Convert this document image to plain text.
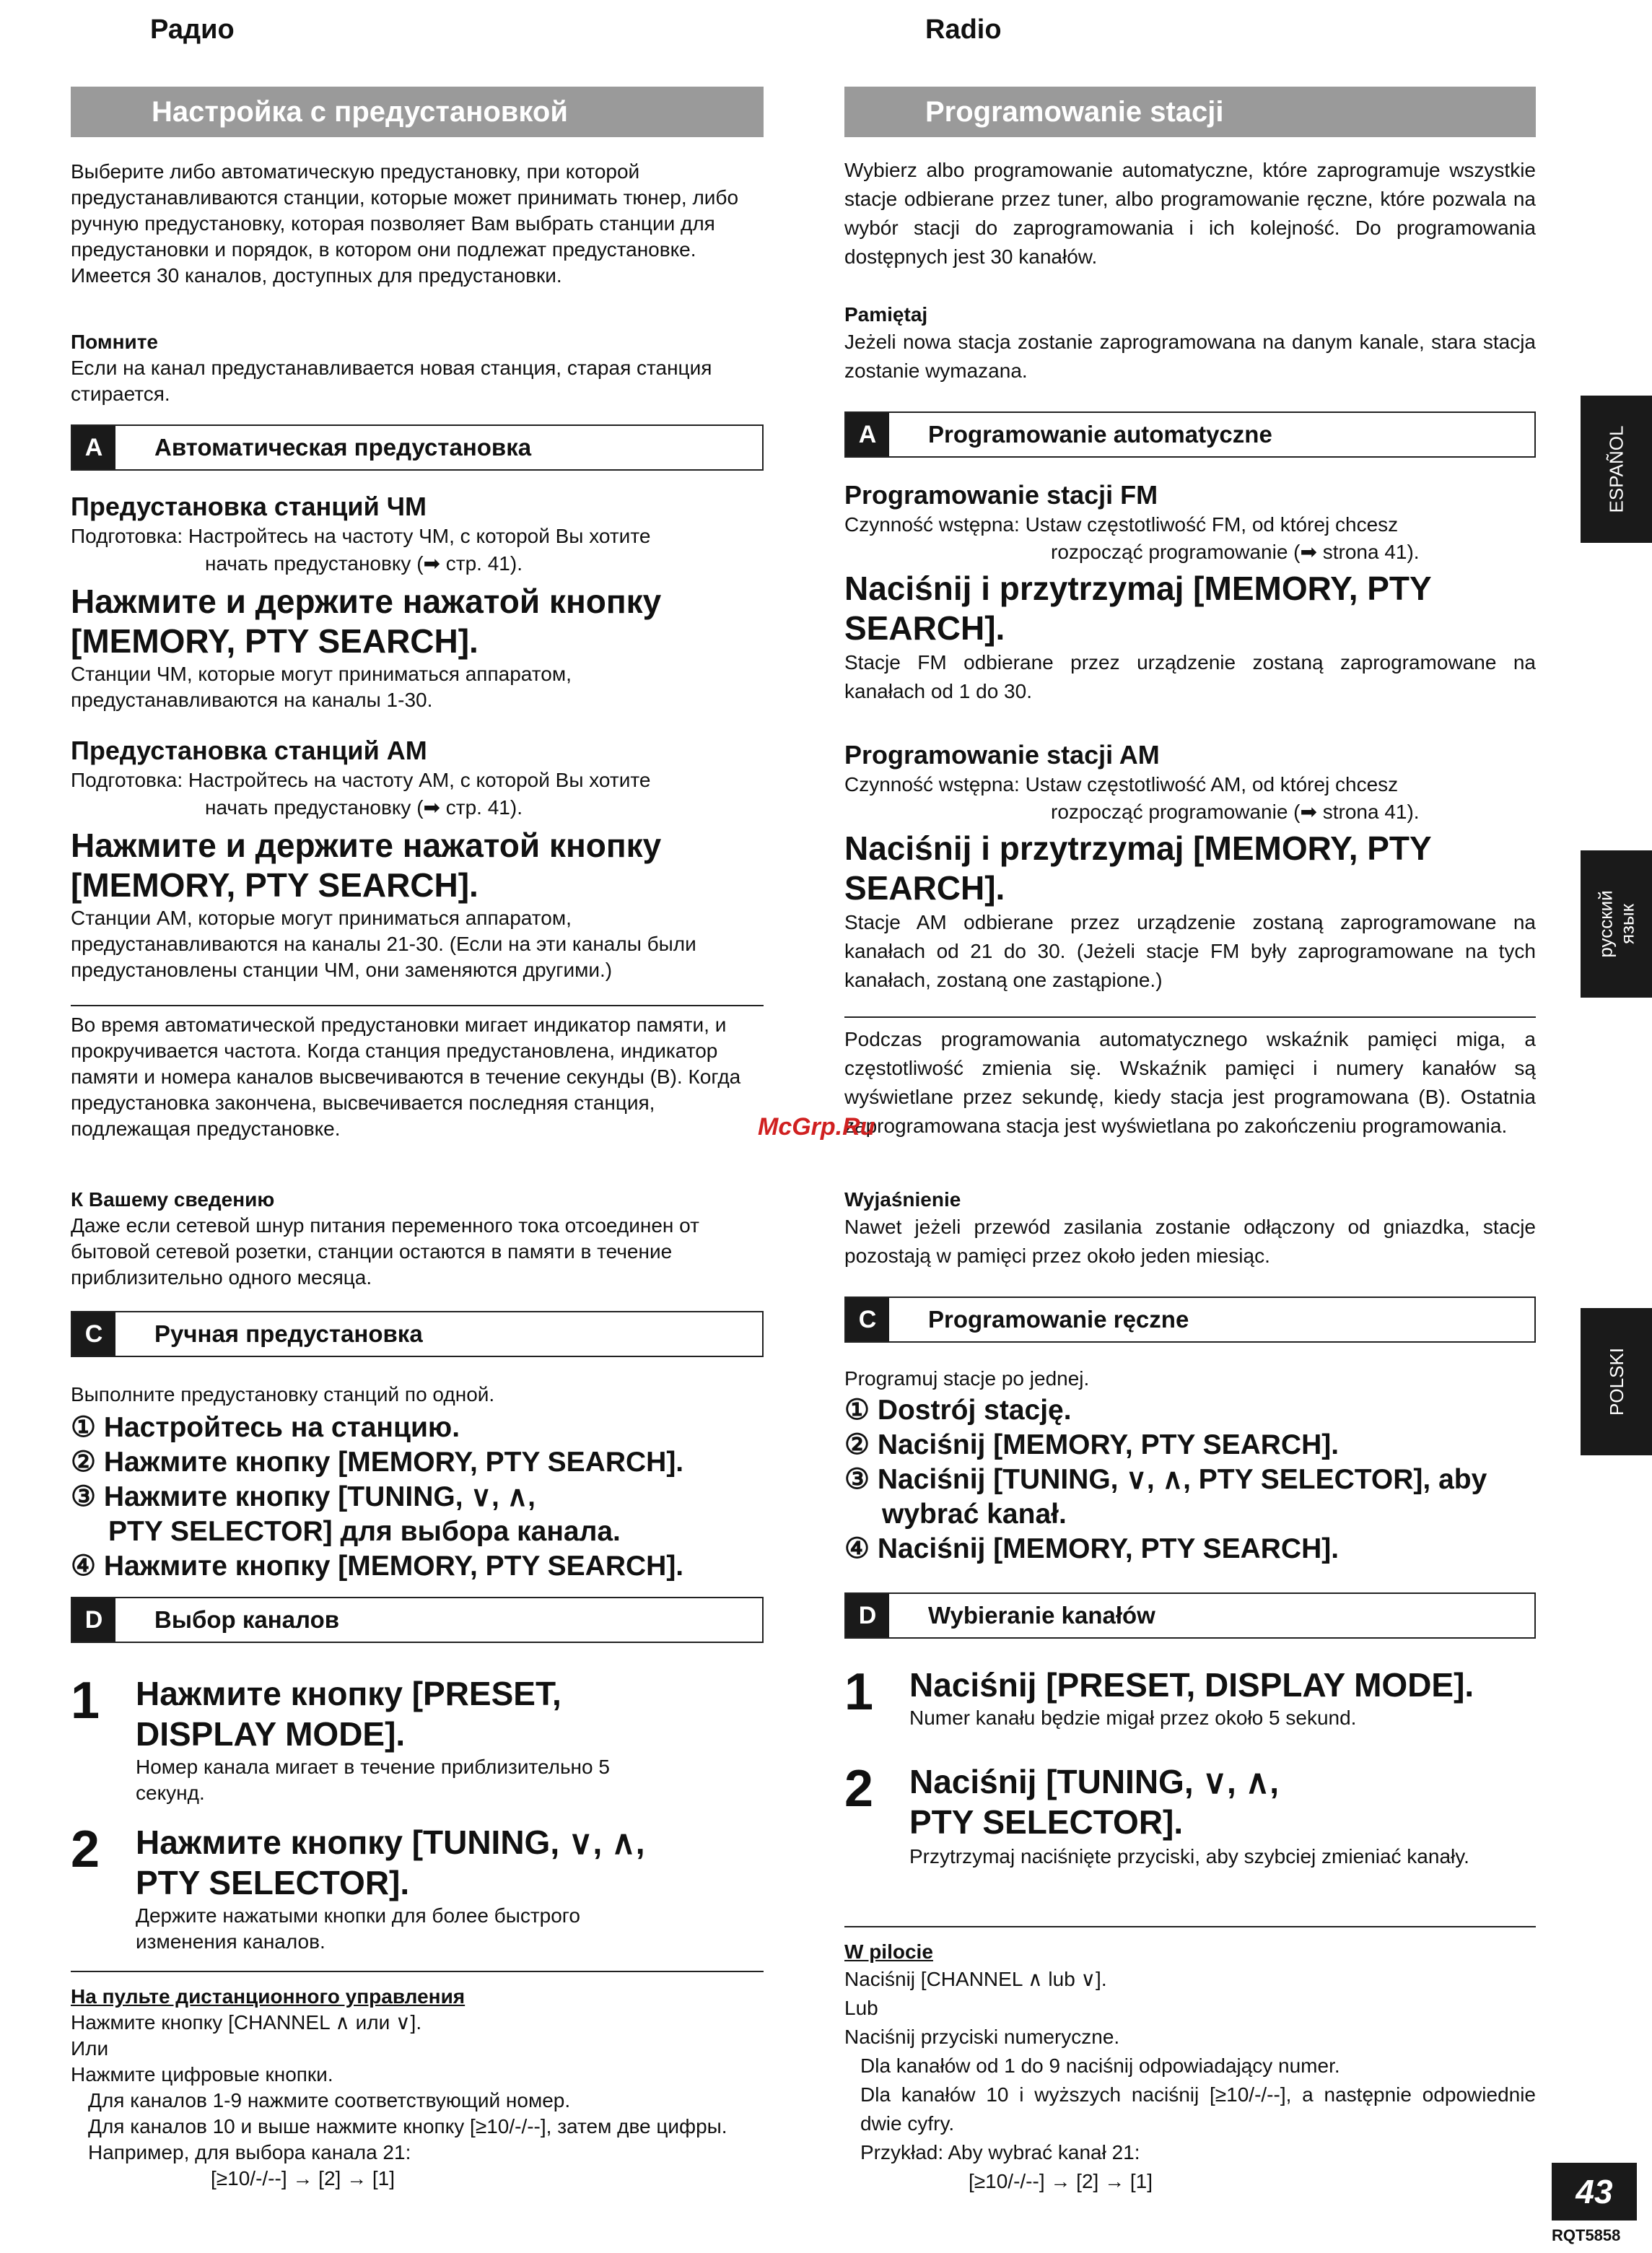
Радио
Настройка с предустановкой

Выберите либо автоматическую предустановку, при которой предустанавливаются станции, которые может принимать тюнер, либо ручную предустановку, которая позволяет Вам выбрать станции для предустановки и порядок, в котором они подлежат предустановке. Имеется 30 каналов, доступных для предустановки.

Помните

Если на канал предустанавливается новая станция, старая станция стирается.

A	Автоматическая предустановка

Предустановка станций ЧМ

Подготовка: Настройтесь на частоту ЧМ, с которой Вы хотите
начать предустановку (➡ стр. 41).

Нажмите и держите нажатой кнопку [MEMORY, PTY SEARCH].

Станции ЧМ, которые могут приниматься аппаратом, предустанавливаются на каналы 1-30.

Предустановка станций АМ

Подготовка: Настройтесь на частоту АМ, с которой Вы хотите
начать предустановку (➡ стр. 41).

Нажмите и держите нажатой кнопку [MEMORY, PTY SEARCH].

Станции АМ, которые могут приниматься аппаратом, предустанавливаются на каналы 21-30. (Если на эти каналы были предустановлены станции ЧМ, они заменяются другими.)

Во время автоматической предустановки мигает индикатор памяти, и прокручивается частота. Когда станция предустановлена, индикатор памяти и номера каналов высвечиваются в течение секунды (B). Когда предустановка закончена, высвечивается последняя станция, подлежащая предустановке.

К Вашему сведению

Даже если сетевой шнур питания переменного тока отсоединен от бытовой сетевой розетки, станции остаются в памяти в течение приблизительно одного месяца.

C	Ручная предустановка

Выполните предустановку станций по одной.

① Настройтесь на станцию.
② Нажмите кнопку [MEMORY, PTY SEARCH].
③ Нажмите кнопку [TUNING, ∨, ∧,
PTY SELECTOR] для выбора канала.
④ Нажмите кнопку [MEMORY, PTY SEARCH].
D	Выбор каналов
1	Нажмите кнопку [PRESET, DISPLAY MODE].

Номер канала мигает в течение приблизительно 5 секунд.

2	Нажмите кнопку [TUNING, ∨, ∧, PTY SELECTOR].

Держите нажатыми кнопки для более быстрого изменения каналов.

На пульте дистанционного управления

Нажмите кнопку [CHANNEL ∧ или ∨].

Или

Нажмите цифровые кнопки.

Для каналов 1-9 нажмите соответствующий номер.

Для каналов 10 и выше нажмите кнопку [≥10/-/--], затем две цифры.

Например, для выбора канала 21:

[≥10/-/--] → [2] → [1]

Radio
Programowanie stacji

Wybierz albo programowanie automatyczne, które zaprogramuje wszystkie stacje odbierane przez tuner, albo programowanie ręczne, które pozwala na wybór stacji do zaprogramowania i ich kolejność. Do programowania dostępnych jest 30 kanałów.

Pamiętaj

Jeżeli nowa stacja zostanie zaprogramowana na danym kanale, stara stacja zostanie wymazana.

A	Programowanie automatyczne

Programowanie stacji FM

Czynność wstępna: Ustaw częstotliwość FM, od której chcesz
rozpocząć programowanie (➡ strona 41).

Naciśnij i przytrzymaj [MEMORY, PTY SEARCH].

Stacje FM odbierane przez urządzenie zostaną zaprogramowane na kanałach od 1 do 30.

Programowanie stacji AM

Czynność wstępna: Ustaw częstotliwość AM, od której chcesz
rozpocząć programowanie (➡ strona 41).

Naciśnij i przytrzymaj [MEMORY, PTY SEARCH].

Stacje AM odbierane przez urządzenie zostaną zaprogramowane na kanałach od 21 do 30. (Jeżeli stacje FM były zaprogramowane na tych kanałach, zostaną one zastąpione.)

Podczas programowania automatycznego wskaźnik pamięci miga, a częstotliwość zmienia się. Wskaźnik pamięci i numery kanałów są wyświetlane przez sekundę, kiedy stacja jest programowana (B). Ostatnia zaprogramowana stacja jest wyświetlana po zakończeniu programowania.

Wyjaśnienie

Nawet jeżeli przewód zasilania zostanie odłączony od gniazdka, stacje pozostają w pamięci przez około jeden miesiąc.

C	Programowanie ręczne

Programuj stacje po jednej.

① Dostrój stację.
② Naciśnij [MEMORY, PTY SEARCH].
③ Naciśnij [TUNING, ∨, ∧, PTY SELECTOR], aby
wybrać kanał.
④ Naciśnij [MEMORY, PTY SEARCH].
D	Wybieranie kanałów
1	Naciśnij [PRESET, DISPLAY MODE].

Numer kanału będzie migał przez około 5 sekund.

2	Naciśnij [TUNING, ∨, ∧, PTY SELECTOR].

Przytrzymaj naciśnięte przyciski, aby szybciej zmieniać kanały.

W pilocie

Naciśnij [CHANNEL ∧ lub ∨].

Lub

Naciśnij przyciski numeryczne.

Dla kanałów od 1 do 9 naciśnij odpowiadający numer.

Dla kanałów 10 i wyższych naciśnij [≥10/-/--], a następnie odpowiednie dwie cyfry.

Przykład: Aby wybrać kanał 21:

[≥10/-/--] → [2] → [1]

McGrp.Ru
ESPAÑOL
русский язык
POLSKI
43
RQT5858
